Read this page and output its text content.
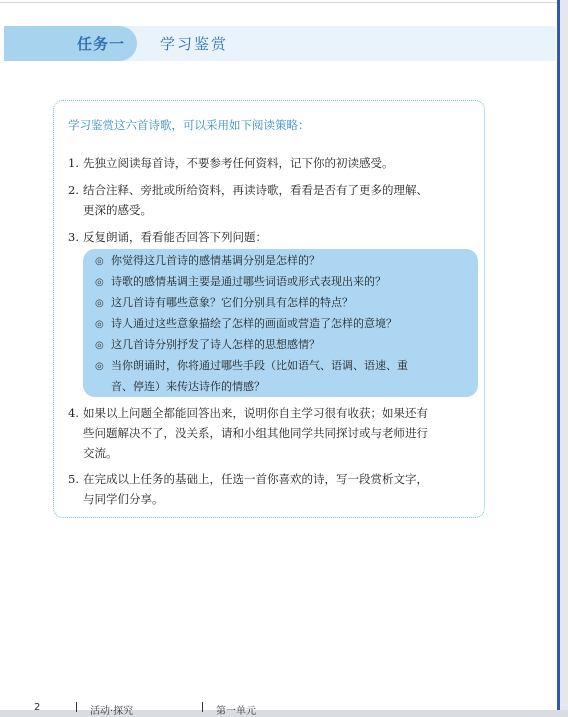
任务一 学习鉴赏
学习鉴赏这六首诗歌，可以采用如下阅读策略：
1. 先独立阅读每首诗，不要参考任何资料，记下你的初读感受。
2. 结合注释、旁批或所给资料，再读诗歌，看看是否有了更多的理解、
更深的感受。
3. 反复朗诵，看看能否回答下列问题：
◎ 你觉得这几首诗的感情基调分别是怎样的？
◎ 诗歌的感情基调主要是通过哪些词语或形式表现出来的？
◎ 这几首诗有哪些意象？它们分别具有怎样的特点？
◎ 诗人通过这些意象描绘了怎样的画面或营造了怎样的意境？
◎ 这几首诗分别抒发了诗人怎样的思想感情？
◎ 当你朗诵时，你将通过哪些手段（比如语气、语调、语速、重
音、停连）来传达诗作的情感？
4. 如果以上问题全都能回答出来，说明你自主学习很有收获；如果还有
些问题解决不了，没关系，请和小组其他同学共同探讨或与老师进行
交流。
5. 在完成以上任务的基础上，任选一首你喜欢的诗，写一段赏析文字，
与同学们分享。
2	活动·探究	第一单元
